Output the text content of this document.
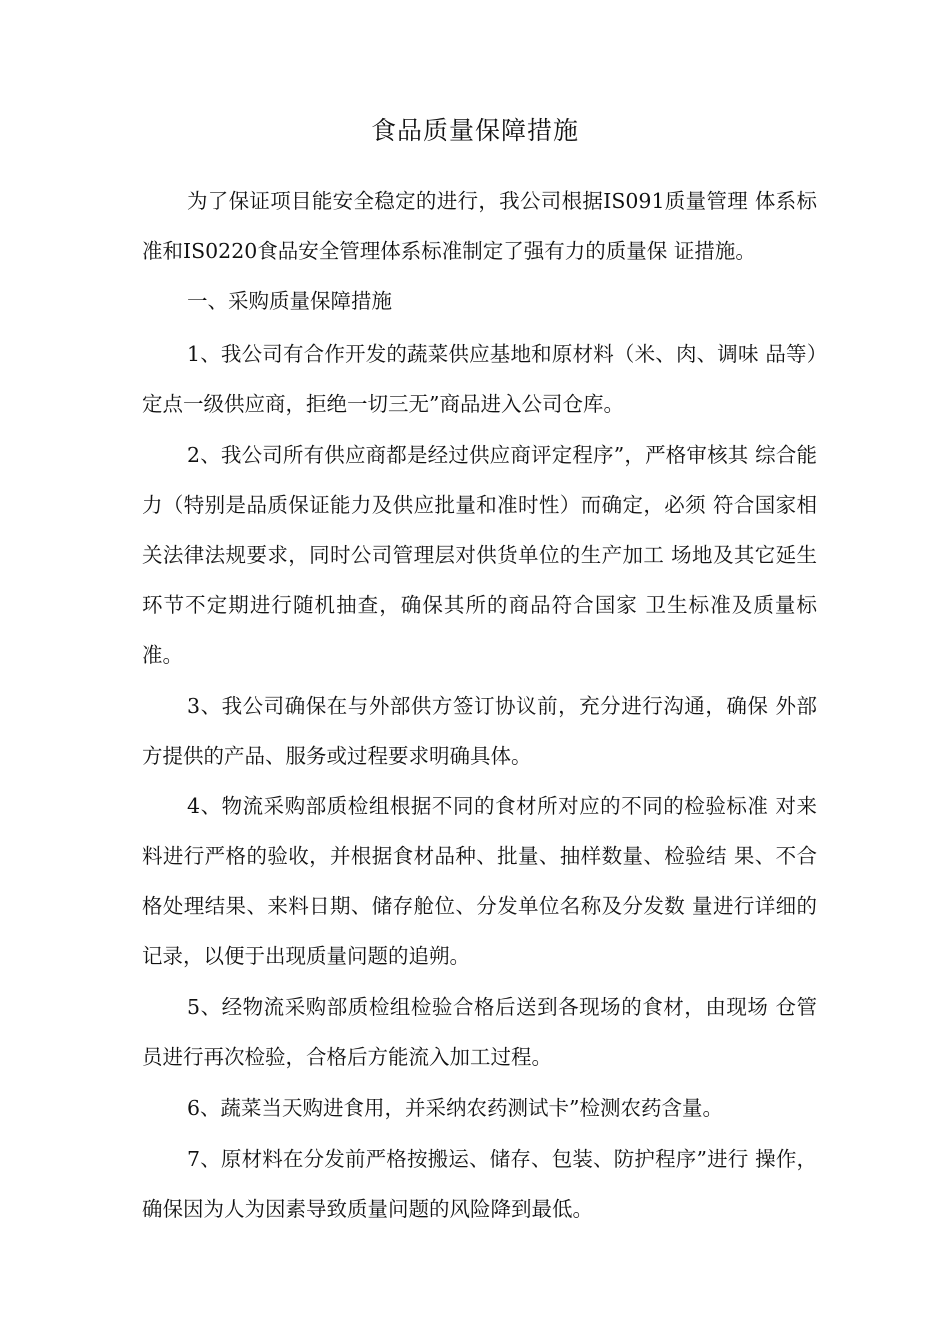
食品质量保障措施

为了保证项目能安全稳定的进行，我公司根据IS091质量管理 体系标准和IS0220食品安全管理体系标准制定了强有力的质量保 证措施。

一、采购质量保障措施

1、我公司有合作开发的蔬菜供应基地和原材料（米、肉、调味 品等）定点一级供应商，拒绝一切三无”商品进入公司仓库。

2、我公司所有供应商都是经过供应商评定程序”，严格审核其 综合能力（特别是品质保证能力及供应批量和准时性）而确定，必须 符合国家相关法律法规要求，同时公司管理层对供货单位的生产加工 场地及其它延生环节不定期进行随机抽查，确保其所的商品符合国家 卫生标准及质量标准。

3、我公司确保在与外部供方签订协议前，充分进行沟通，确保 外部方提供的产品、服务或过程要求明确具体。

4、物流采购部质检组根据不同的食材所对应的不同的检验标准 对来料进行严格的验收，并根据食材品种、批量、抽样数量、检验结 果、不合格处理结果、来料日期、储存舱位、分发单位名称及分发数 量进行详细的记录，以便于出现质量问题的追朔。

5、经物流采购部质检组检验合格后送到各现场的食材，由现场 仓管员进行再次检验，合格后方能流入加工过程。

6、蔬菜当天购进食用，并采纳农药测试卡”检测农药含量。

7、原材料在分发前严格按搬运、储存、包装、防护程序”进行 操作，确保因为人为因素导致质量问题的风险降到最低。
